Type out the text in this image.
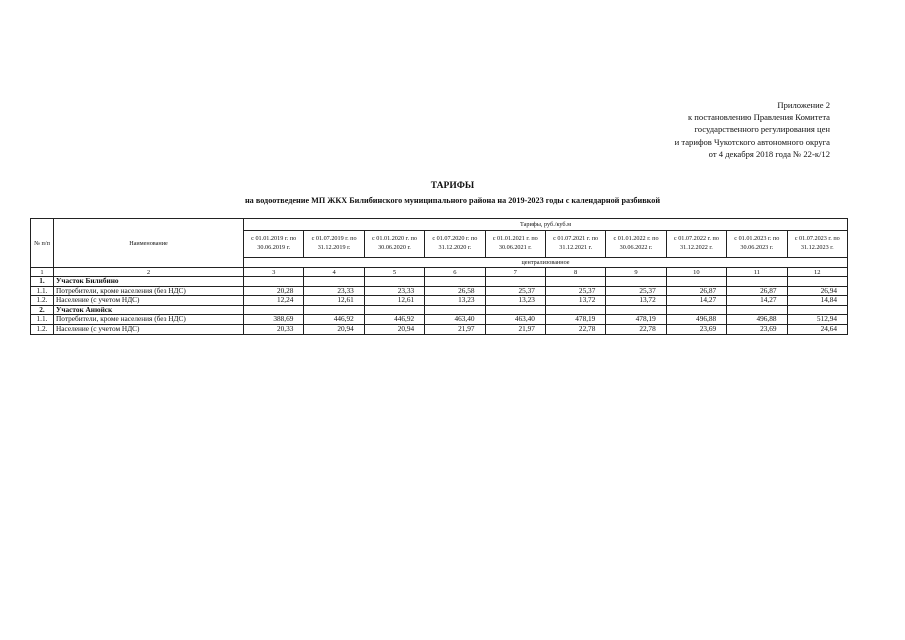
Приложение 2
к постановлению Правления Комитета
государственного регулирования цен
и тарифов Чукотского автономного округа
от 4 декабря 2018 года № 22-к/12
ТАРИФЫ
на водоотведение МП ЖКХ Билибинского муниципального района на 2019-2023 годы с календарной разбивкой
№ п/п	Наименование	Тарифы, руб./куб.м									
		с 01.01.2019 г. по 30.06.2019 г.	с 01.07.2019 г. по 31.12.2019 г.	с 01.01.2020 г. по 30.06.2020 г.	с 01.07.2020 г. по 31.12.2020 г.	с 01.01.2021 г. по 30.06.2021 г.	с 01.07.2021 г. по 31.12.2021 г.	с 01.01.2022 г. по 30.06.2022 г.	с 01.07.2022 г. по 31.12.2022 г.	с 01.01.2023 г. по 30.06.2023 г.	с 01.07.2023 г. по 31.12.2023 г.
		централизованное									
1	2	3	4	5	6	7	8	9	10	11	12
1.	Участок Билибино										
1.1.	Потребители, кроме населения (без НДС)	20,28	23,33	23,33	26,58	25,37	25,37	25,37	26,87	26,87	26,94
1.2.	Население (с учетом НДС)	12,24	12,61	12,61	13,23	13,23	13,72	13,72	14,27	14,27	14,84
2.	Участок Анюйск										
1.1.	Потребители, кроме населения (без НДС)	388,69	446,92	446,92	463,40	463,40	478,19	478,19	496,88	496,88	512,94
1.2.	Население (с учетом НДС)	20,33	20,94	20,94	21,97	21,97	22,78	22,78	23,69	23,69	24,64
